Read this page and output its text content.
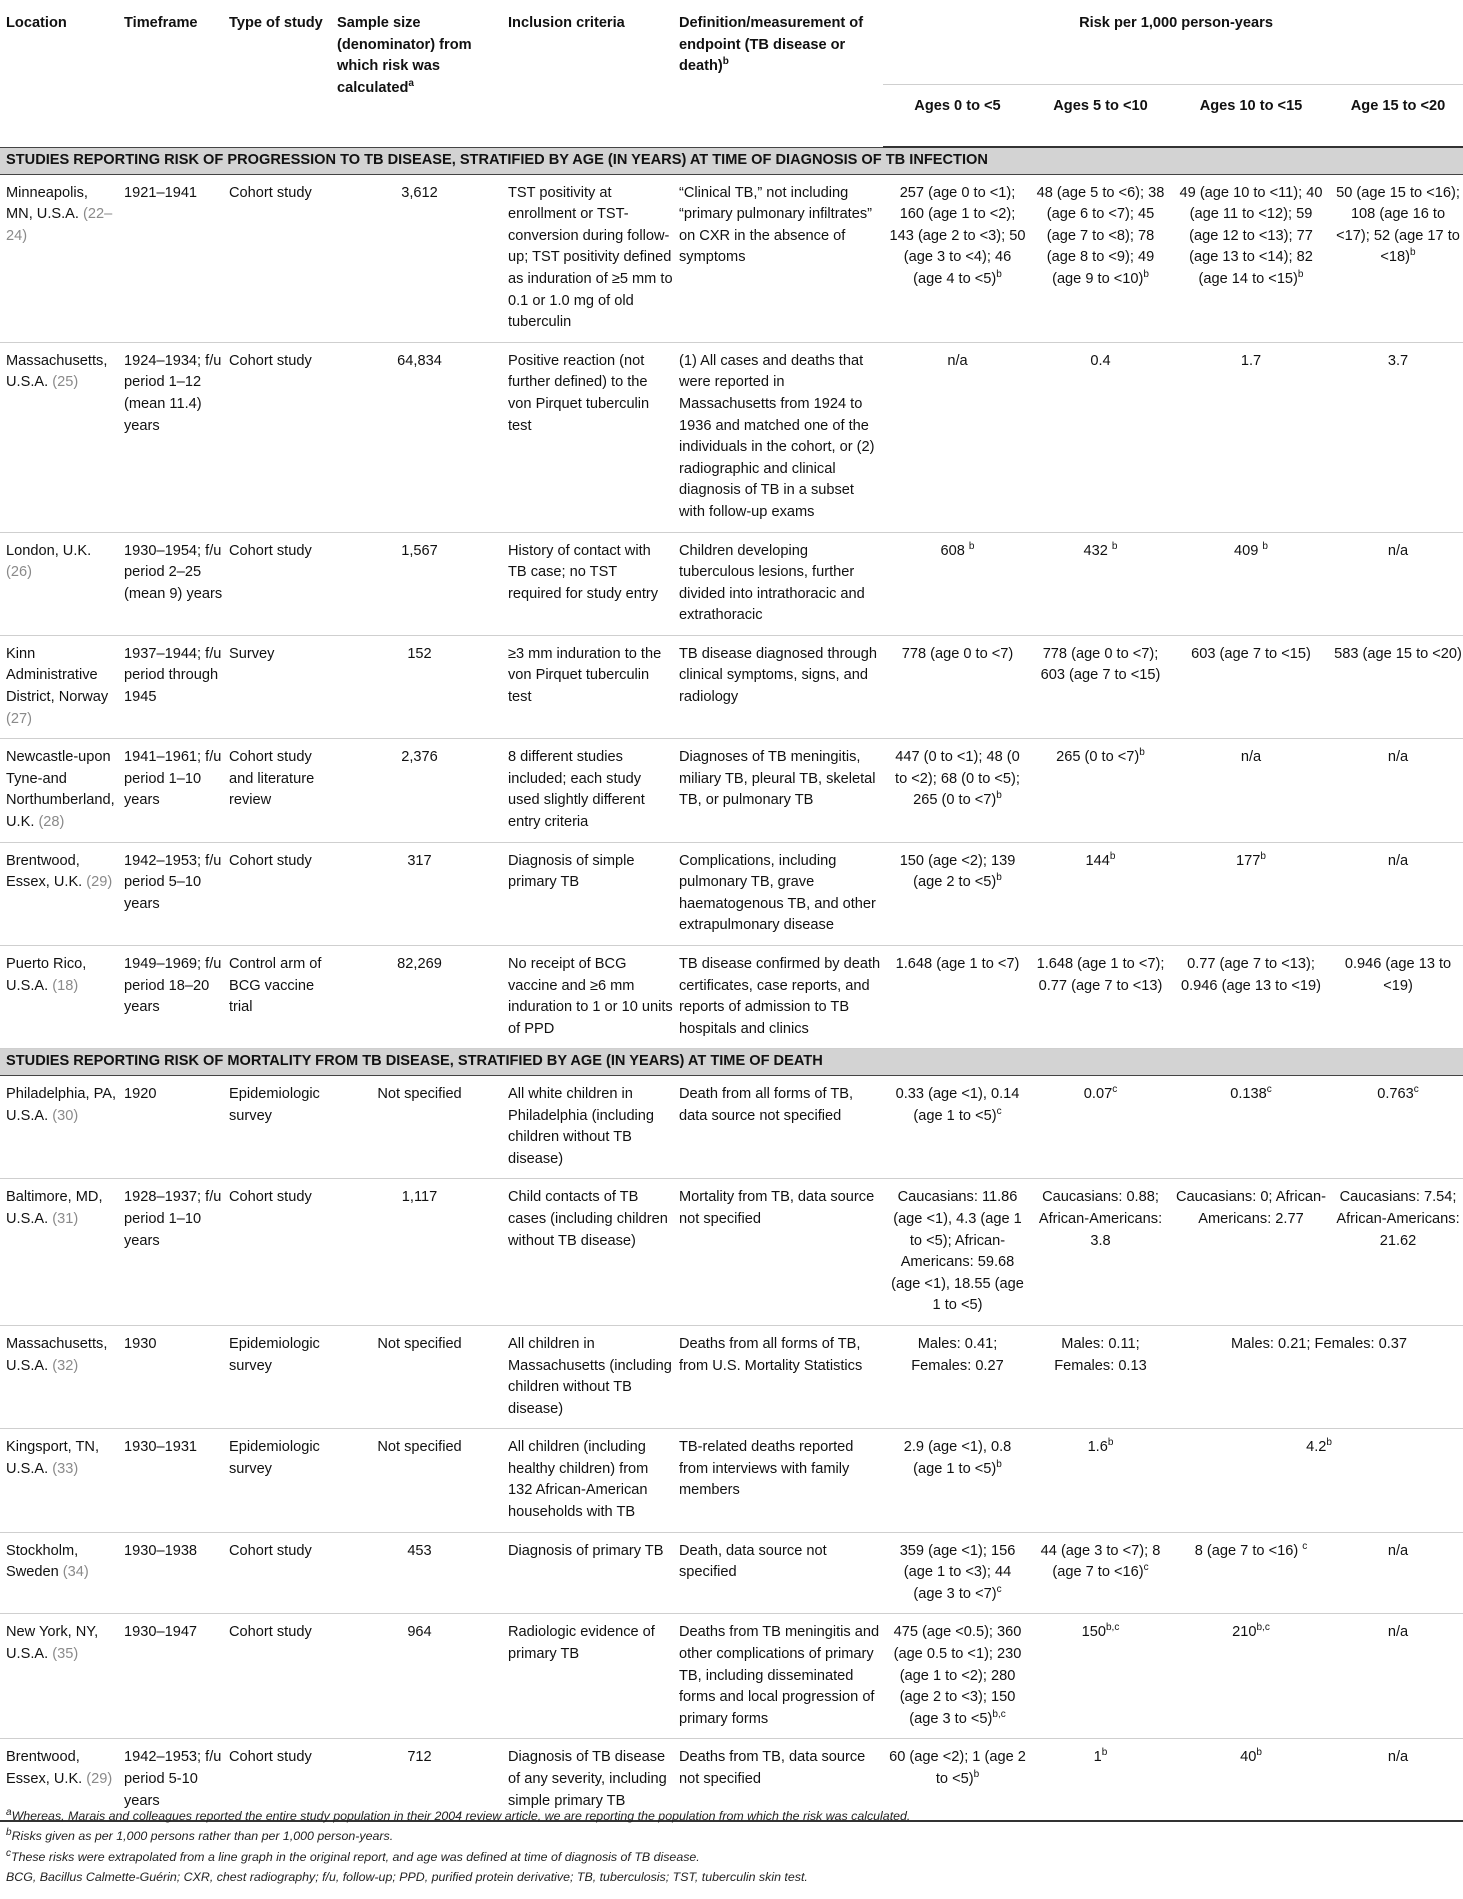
Location	Timeframe	Type of study	Sample size (denominator) from which risk was calculated$^a$	Inclusion criteria	Definition/measurement of endpoint (TB disease or death)$^b$	Risk per 1,000 person-years			
						Ages 0 to <5	Ages 5 to <10	Ages 10 to <15	Age 15 to <20
STUDIES REPORTING RISK OF PROGRESSION TO TB DISEASE, STRATIFIED BY AGE (IN YEARS) AT TIME OF DIAGNOSIS OF TB INFECTION									
Minneapolis, MN, U.S.A. (22–24)	1921–1941	Cohort study	3,612	TST positivity at enrollment or TST-conversion during follow-up; TST positivity defined as induration of ≥5 mm to 0.1 or 1.0 mg of old tuberculin	“Clinical TB,” not including “primary pulmonary infiltrates” on CXR in the absence of symptoms	257 (age 0 to <1); 160 (age 1 to <2); 143 (age 2 to <3); 50 (age 3 to <4); 46 (age 4 to <5)$^b$	48 (age 5 to <6); 38 (age 6 to <7); 45 (age 7 to <8); 78 (age 8 to <9); 49 (age 9 to <10)$^b$	49 (age 10 to <11); 40 (age 11 to <12); 59 (age 12 to <13); 77 (age 13 to <14); 82 (age 14 to <15)$^b$	50 (age 15 to <16); 108 (age 16 to <17); 52 (age 17 to <18)$^b$
Massachusetts, U.S.A. (25)	1924–1934; f/u period 1–12 (mean 11.4) years	Cohort study	64,834	Positive reaction (not further defined) to the von Pirquet tuberculin test	(1) All cases and deaths that were reported in Massachusetts from 1924 to 1936 and matched one of the individuals in the cohort, or (2) radiographic and clinical diagnosis of TB in a subset with follow-up exams	n/a	0.4	1.7	3.7
London, U.K. (26)	1930–1954; f/u period 2–25 (mean 9) years	Cohort study	1,567	History of contact with TB case; no TST required for study entry	Children developing tuberculous lesions, further divided into intrathoracic and extrathoracic	608 $^b$	432 $^b$	409 $^b$	n/a
Kinn Administrative District, Norway (27)	1937–1944; f/u period through 1945	Survey	152	≥3 mm induration to the von Pirquet tuberculin test	TB disease diagnosed through clinical symptoms, signs, and radiology	778 (age 0 to <7)	778 (age 0 to <7); 603 (age 7 to <15)	603 (age 7 to <15)	583 (age 15 to <20)
Newcastle-upon Tyne-and Northumberland, U.K. (28)	1941–1961; f/u period 1–10 years	Cohort study and literature review	2,376	8 different studies included; each study used slightly different entry criteria	Diagnoses of TB meningitis, miliary TB, pleural TB, skeletal TB, or pulmonary TB	447 (0 to <1); 48 (0 to <2); 68 (0 to <5); 265 (0 to <7)$^b$	265 (0 to <7)$^b$	n/a	n/a
Brentwood, Essex, U.K. (29)	1942–1953; f/u period 5–10 years	Cohort study	317	Diagnosis of simple primary TB	Complications, including pulmonary TB, grave haematogenous TB, and other extrapulmonary disease	150 (age <2); 139 (age 2 to <5)$^b$	144$^b$	177$^b$	n/a
Puerto Rico, U.S.A. (18)	1949–1969; f/u period 18–20 years	Control arm of BCG vaccine trial	82,269	No receipt of BCG vaccine and ≥6 mm induration to 1 or 10 units of PPD	TB disease confirmed by death certificates, case reports, and reports of admission to TB hospitals and clinics	1.648 (age 1 to <7)	1.648 (age 1 to <7); 0.77 (age 7 to <13)	0.77 (age 7 to <13); 0.946 (age 13 to <19)	0.946 (age 13 to <19)
STUDIES REPORTING RISK OF MORTALITY FROM TB DISEASE, STRATIFIED BY AGE (IN YEARS) AT TIME OF DEATH									
Philadelphia, PA, U.S.A. (30)	1920	Epidemiologic survey	Not specified	All white children in Philadelphia (including children without TB disease)	Death from all forms of TB, data source not specified	0.33 (age <1), 0.14 (age 1 to <5)$^c$	0.07$^c$	0.138$^c$	0.763$^c$
Baltimore, MD, U.S.A. (31)	1928–1937; f/u period 1–10 years	Cohort study	1,117	Child contacts of TB cases (including children without TB disease)	Mortality from TB, data source not specified	Caucasians: 11.86 (age <1), 4.3 (age 1 to <5); African-Americans: 59.68 (age <1), 18.55 (age 1 to <5)	Caucasians: 0.88; African-Americans: 3.8	Caucasians: 0; African-Americans: 2.77	Caucasians: 7.54; African-Americans: 21.62
Massachusetts, U.S.A. (32)	1930	Epidemiologic survey	Not specified	All children in Massachusetts (including children without TB disease)	Deaths from all forms of TB, from U.S. Mortality Statistics	Males: 0.41; Females: 0.27	Males: 0.11; Females: 0.13	Males: 0.21; Females: 0.37	
Kingsport, TN, U.S.A. (33)	1930–1931	Epidemiologic survey	Not specified	All children (including healthy children) from 132 African-American households with TB	TB-related deaths reported from interviews with family members	2.9 (age <1), 0.8 (age 1 to <5)$^b$	1.6$^b$	4.2$^b$
Stockholm, Sweden (34)	1930–1938	Cohort study	453	Diagnosis of primary TB	Death, data source not specified	359 (age <1); 156 (age 1 to <3); 44 (age 3 to <7)$^c$	44 (age 3 to <7); 8 (age 7 to <16)$^c$	8 (age 7 to <16) $^c$	n/a
New York, NY, U.S.A. (35)	1930–1947	Cohort study	964	Radiologic evidence of primary TB	Deaths from TB meningitis and other complications of primary TB, including disseminated forms and local progression of primary forms	475 (age <0.5); 360 (age 0.5 to <1); 230 (age 1 to <2); 280 (age 2 to <3); 150 (age 3 to <5)$^{b,c}$	150$^{b,c}$	210$^{b,c}$	n/a
Brentwood, Essex, U.K. (29)	1942–1953; f/u period 5-10 years	Cohort study	712	Diagnosis of TB disease of any severity, including simple primary TB	Deaths from TB, data source not specified	60 (age <2); 1 (age 2 to <5)$^b$	1$^b$	40$^b$	n/a

$^a$Whereas, Marais and colleagues reported the entire study population in their 2004 review article, we are reporting the population from which the risk was calculated.

$^b$Risks given as per 1,000 persons rather than per 1,000 person-years.

$^c$These risks were extrapolated from a line graph in the original report, and age was defined at time of diagnosis of TB disease.

BCG, Bacillus Calmette-Guérin; CXR, chest radiography; f/u, follow-up; PPD, purified protein derivative; TB, tuberculosis; TST, tuberculin skin test.
